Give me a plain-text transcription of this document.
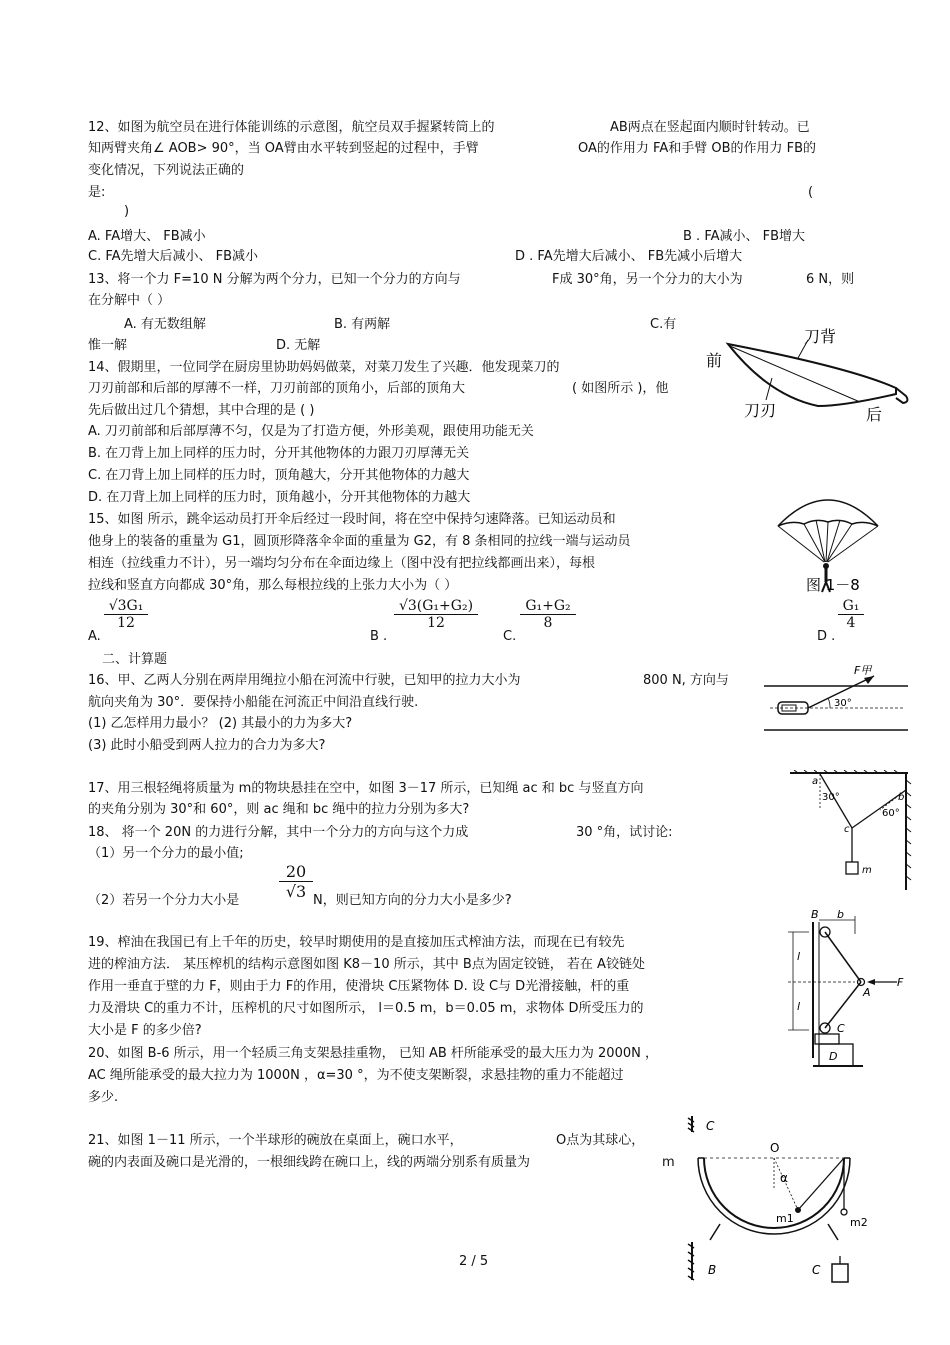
12、如图为航空员在进行体能训练的示意图，航空员双手握紧转筒上的	AB两点在竖起面内顺时针转动。已
知两臂夹角∠ AOB> 90°，当 OA臂由水平转到竖起的过程中，手臂	OA的作用力 FA和手臂 OB的作用力 FB的
变化情况，下列说法正确的
是:	(
)
A. FA增大、 FB减小	B . FA减小、 FB增大
C. FA先增大后减小、 FB减小	D . FA先增大后减小、 FB先减小后增大
13、将一个力 F=10 N 分解为两个分力，已知一个分力的方向与	F成 30°角，另一个分力的大小为	6 N，则
在分解中（ ）
A. 有无数组解	B. 有两解	C.有
惟一解	D. 无解
14、假期里，一位同学在厨房里协助妈妈做菜，对菜刀发生了兴趣．他发现菜刀的
刀刃前部和后部的厚薄不一样，刀刃前部的顶角小，后部的顶角大	( 如图所示 )，他
先后做出过几个猜想，其中合理的是 ( )
A. 刀刃前部和后部厚薄不匀，仅是为了打造方便，外形美观，跟使用功能无关
B. 在刀背上加上同样的压力时，分开其他物体的力跟刀刃厚薄无关
C. 在刀背上加上同样的压力时，顶角越大，分开其他物体的力越大
D. 在刀背上加上同样的压力时，顶角越小，分开其他物体的力越大
刀背
前
刀刃	后
15、如图 所示，跳伞运动员打开伞后经过一段时间，将在空中保持匀速降落。已知运动员和
他身上的装备的重量为 G1，圆顶形降落伞伞面的重量为 G2，有 8 条相同的拉线一端与运动员
相连（拉线重力不计），另一端均匀分布在伞面边缘上（图中没有把拉线都画出来），每根
拉线和竖直方向都成 30°角，那么每根拉线的上张力大小为（ ）	图 1－8
A.
$\frac{\text{√3G₁}}{12}$
B .
$\frac{\text{√3(G₁+G₂)}}{12}$
C.
$\frac{\text{G₁+G₂}}{8}$
D .
$\frac{\text{G₁}}{4}$
二、计算题
16、甲、乙两人分别在两岸用绳拉小船在河流中行驶，已知甲的拉力大小为	800 N, 方向与
航向夹角为 30°．要保持小船能在河流正中间沿直线行驶.
(1) 乙怎样用力最小？ (2) 其最小的力为多大?
(3) 此时小船受到两人拉力的合力为多大?
F甲
30°
17、用三根轻绳将质量为 m的物块悬挂在空中，如图 3－17 所示，已知绳 ac 和 bc 与竖直方向
的夹角分别为 30°和 60°，则 ac 绳和 bc 绳中的拉力分别为多大?
a
b
c
m
30°
60°
18、 将一个 20N 的力进行分解，其中一个分力的方向与这个力成	30 °角，试讨论:
（1）另一个分力的最小值;
（2）若另一个分力大小是 $\frac{20}{√3}$ N，则已知方向的分力大小是多少?
19、榨油在我国已有上千年的历史，较早时期使用的是直接加压式榨油方法，而现在已有较先
进的榨油方法． 某压榨机的结构示意图如图 K8－10 所示，其中 B点为固定铰链， 若在 A铰链处
作用一垂直于壁的力 F，则由于力 F的作用，使滑块 C压紧物体 D. 设 C与 D光滑接触，杆的重
力及滑块 C的重力不计，压榨机的尺寸如图所示， l＝0.5 m，b＝0.05 m，求物体 D所受压力的
大小是 F 的多少倍?
B b
l
l
A
F
C
D
20、如图 B-6 所示，用一个轻质三角支架悬挂重物， 已知 AB 杆所能承受的最大压力为 2000N ，
AC 绳所能承受的最大拉力为 1000N ，α=30 °，为不使支架断裂，求悬挂物的重力不能超过
多少.
21、如图 1－11 所示，一个半球形的碗放在桌面上，碗口水平，	O点为其球心，
碗的内表面及碗口是光滑的，一根细线跨在碗口上，线的两端分别系有质量为	m
C
O
α
m1	m2
B	C
2 / 5
